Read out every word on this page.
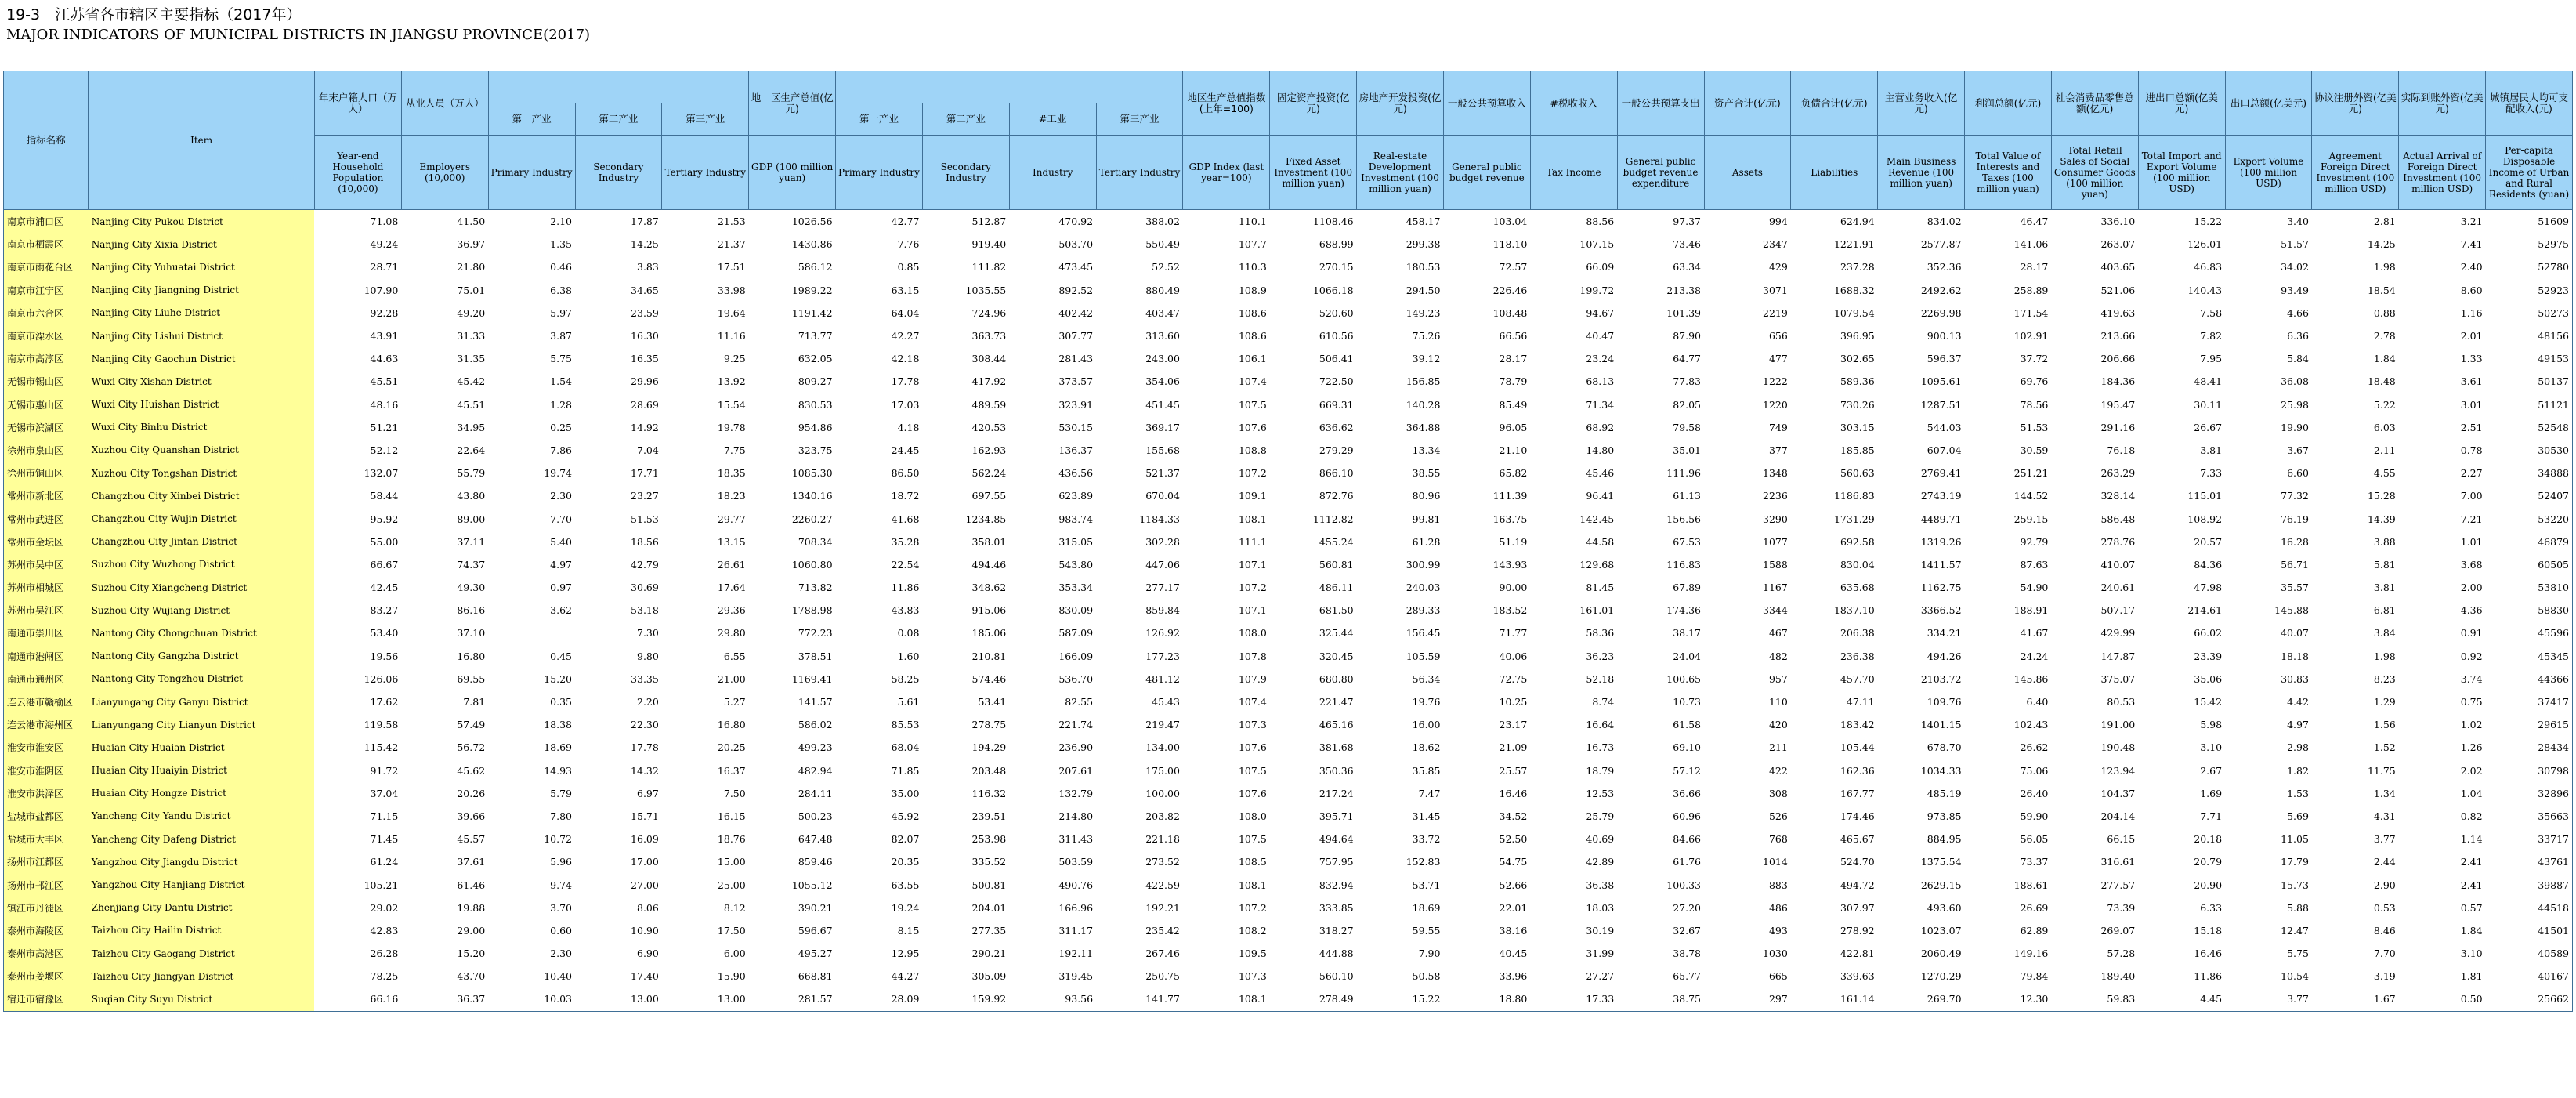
19-3　江苏省各市辖区主要指标（2017年）
MAJOR INDICATORS OF MUNICIPAL DISTRICTS IN JIANGSU PROVINCE(2017)
指标名称	Item	年末户籍人口（万人）	从业人员（万人）				地　区生产总值(亿元)					地区生产总值指数(上年=100)	固定资产投资(亿元)	房地产开发投资(亿元)	一般公共预算收入	#税收收入	一般公共预算支出	资产合计(亿元)	负债合计(亿元)	主营业务收入(亿元)	利润总额(亿元)	社会消费品零售总额(亿元)	进出口总额(亿美元)	出口总额(亿美元)	协议注册外资(亿美元)	实际到账外资(亿美元)	城镇居民人均可支配收入(元)

				第一产业	第二产业	第三产业		第一产业	第二产业	#工业	第三产业																

		Year-end Household Population (10,000)	Employers (10,000)	Primary Industry	Secondary Industry	Tertiary Industry	GDP (100 million yuan)	Primary Industry	Secondary Industry	Industry	Tertiary Industry	GDP Index (last year=100)	Fixed Asset Investment (100 million yuan)	Real-estate Development Investment (100 million yuan)	General public budget revenue	Tax Income	General public budget revenue expenditure	Assets	Liabilities	Main Business Revenue (100 million yuan)	Total Value of Interests and Taxes (100 million yuan)	Total Retail Sales of Social Consumer Goods (100 million yuan)	Total Import and Export Volume (100 million USD)	Export Volume (100 million USD)	Agreement Foreign Direct Investment (100 million USD)	Actual Arrival of Foreign Direct Investment (100 million USD)	Per-capita Disposable Income of Urban and Rural Residents (yuan)

南京市浦口区	Nanjing City Pukou District	71.08	41.50	2.10	17.87	21.53	1026.56	42.77	512.87	470.92	388.02	110.1	1108.46	458.17	103.04	88.56	97.37	994	624.94	834.02	46.47	336.10	15.22	3.40	2.81	3.21	51609
南京市栖霞区	Nanjing City Xixia District	49.24	36.97	1.35	14.25	21.37	1430.86	7.76	919.40	503.70	550.49	107.7	688.99	299.38	118.10	107.15	73.46	2347	1221.91	2577.87	141.06	263.07	126.01	51.57	14.25	7.41	52975
南京市雨花台区	Nanjing City Yuhuatai District	28.71	21.80	0.46	3.83	17.51	586.12	0.85	111.82	473.45	52.52	110.3	270.15	180.53	72.57	66.09	63.34	429	237.28	352.36	28.17	403.65	46.83	34.02	1.98	2.40	52780
南京市江宁区	Nanjing City Jiangning District	107.90	75.01	6.38	34.65	33.98	1989.22	63.15	1035.55	892.52	880.49	108.9	1066.18	294.50	226.46	199.72	213.38	3071	1688.32	2492.62	258.89	521.06	140.43	93.49	18.54	8.60	52923
南京市六合区	Nanjing City Liuhe District	92.28	49.20	5.97	23.59	19.64	1191.42	64.04	724.96	402.42	403.47	108.6	520.60	149.23	108.48	94.67	101.39	2219	1079.54	2269.98	171.54	419.63	7.58	4.66	0.88	1.16	50273
南京市溧水区	Nanjing City Lishui District	43.91	31.33	3.87	16.30	11.16	713.77	42.27	363.73	307.77	313.60	108.6	610.56	75.26	66.56	40.47	87.90	656	396.95	900.13	102.91	213.66	7.82	6.36	2.78	2.01	48156
南京市高淳区	Nanjing City Gaochun District	44.63	31.35	5.75	16.35	9.25	632.05	42.18	308.44	281.43	243.00	106.1	506.41	39.12	28.17	23.24	64.77	477	302.65	596.37	37.72	206.66	7.95	5.84	1.84	1.33	49153
无锡市锡山区	Wuxi City Xishan District	45.51	45.42	1.54	29.96	13.92	809.27	17.78	417.92	373.57	354.06	107.4	722.50	156.85	78.79	68.13	77.83	1222	589.36	1095.61	69.76	184.36	48.41	36.08	18.48	3.61	50137
无锡市惠山区	Wuxi City Huishan District	48.16	45.51	1.28	28.69	15.54	830.53	17.03	489.59	323.91	451.45	107.5	669.31	140.28	85.49	71.34	82.05	1220	730.26	1287.51	78.56	195.47	30.11	25.98	5.22	3.01	51121
无锡市滨湖区	Wuxi City Binhu District	51.21	34.95	0.25	14.92	19.78	954.86	4.18	420.53	530.15	369.17	107.6	636.62	364.88	96.05	68.92	79.58	749	303.15	544.03	51.53	291.16	26.67	19.90	6.03	2.51	52548
徐州市泉山区	Xuzhou City Quanshan District	52.12	22.64	7.86	7.04	7.75	323.75	24.45	162.93	136.37	155.68	108.8	279.29	13.34	21.10	14.80	35.01	377	185.85	607.04	30.59	76.18	3.81	3.67	2.11	0.78	30530
徐州市铜山区	Xuzhou City Tongshan District	132.07	55.79	19.74	17.71	18.35	1085.30	86.50	562.24	436.56	521.37	107.2	866.10	38.55	65.82	45.46	111.96	1348	560.63	2769.41	251.21	263.29	7.33	6.60	4.55	2.27	34888
常州市新北区	Changzhou City Xinbei District	58.44	43.80	2.30	23.27	18.23	1340.16	18.72	697.55	623.89	670.04	109.1	872.76	80.96	111.39	96.41	61.13	2236	1186.83	2743.19	144.52	328.14	115.01	77.32	15.28	7.00	52407
常州市武进区	Changzhou City Wujin District	95.92	89.00	7.70	51.53	29.77	2260.27	41.68	1234.85	983.74	1184.33	108.1	1112.82	99.81	163.75	142.45	156.56	3290	1731.29	4489.71	259.15	586.48	108.92	76.19	14.39	7.21	53220
常州市金坛区	Changzhou City Jintan District	55.00	37.11	5.40	18.56	13.15	708.34	35.28	358.01	315.05	302.28	111.1	455.24	61.28	51.19	44.58	67.53	1077	692.58	1319.26	92.79	278.76	20.57	16.28	3.88	1.01	46879
苏州市吴中区	Suzhou City Wuzhong District	66.67	74.37	4.97	42.79	26.61	1060.80	22.54	494.46	543.80	447.06	107.1	560.81	300.99	143.93	129.68	116.83	1588	830.04	1411.57	87.63	410.07	84.36	56.71	5.81	3.68	60505
苏州市相城区	Suzhou City Xiangcheng District	42.45	49.30	0.97	30.69	17.64	713.82	11.86	348.62	353.34	277.17	107.2	486.11	240.03	90.00	81.45	67.89	1167	635.68	1162.75	54.90	240.61	47.98	35.57	3.81	2.00	53810
苏州市吴江区	Suzhou City Wujiang District	83.27	86.16	3.62	53.18	29.36	1788.98	43.83	915.06	830.09	859.84	107.1	681.50	289.33	183.52	161.01	174.36	3344	1837.10	3366.52	188.91	507.17	214.61	145.88	6.81	4.36	58830
南通市崇川区	Nantong City Chongchuan District	53.40	37.10		7.30	29.80	772.23	0.08	185.06	587.09	126.92	108.0	325.44	156.45	71.77	58.36	38.17	467	206.38	334.21	41.67	429.99	66.02	40.07	3.84	0.91	45596
南通市港闸区	Nantong City Gangzha District	19.56	16.80	0.45	9.80	6.55	378.51	1.60	210.81	166.09	177.23	107.8	320.45	105.59	40.06	36.23	24.04	482	236.38	494.26	24.24	147.87	23.39	18.18	1.98	0.92	45345
南通市通州区	Nantong City Tongzhou District	126.06	69.55	15.20	33.35	21.00	1169.41	58.25	574.46	536.70	481.12	107.9	680.80	56.34	72.75	52.18	100.65	957	457.70	2103.72	145.86	375.07	35.06	30.83	8.23	3.74	44366
连云港市赣榆区	Lianyungang City Ganyu District	17.62	7.81	0.35	2.20	5.27	141.57	5.61	53.41	82.55	45.43	107.4	221.47	19.76	10.25	8.74	10.73	110	47.11	109.76	6.40	80.53	15.42	4.42	1.29	0.75	37417
连云港市海州区	Lianyungang City Lianyun District	119.58	57.49	18.38	22.30	16.80	586.02	85.53	278.75	221.74	219.47	107.3	465.16	16.00	23.17	16.64	61.58	420	183.42	1401.15	102.43	191.00	5.98	4.97	1.56	1.02	29615
淮安市淮安区	Huaian City Huaian District	115.42	56.72	18.69	17.78	20.25	499.23	68.04	194.29	236.90	134.00	107.6	381.68	18.62	21.09	16.73	69.10	211	105.44	678.70	26.62	190.48	3.10	2.98	1.52	1.26	28434
淮安市淮阴区	Huaian City Huaiyin District	91.72	45.62	14.93	14.32	16.37	482.94	71.85	203.48	207.61	175.00	107.5	350.36	35.85	25.57	18.79	57.12	422	162.36	1034.33	75.06	123.94	2.67	1.82	11.75	2.02	30798
淮安市洪泽区	Huaian City Hongze District	37.04	20.26	5.79	6.97	7.50	284.11	35.00	116.32	132.79	100.00	107.6	217.24	7.47	16.46	12.53	36.66	308	167.77	485.19	26.40	104.37	1.69	1.53	1.34	1.04	32896
盐城市盐都区	Yancheng City Yandu District	71.15	39.66	7.80	15.71	16.15	500.23	45.92	239.51	214.80	203.82	108.0	395.71	31.45	34.52	25.79	60.96	526	174.46	973.85	59.90	204.14	7.71	5.69	4.31	0.82	35663
盐城市大丰区	Yancheng City Dafeng District	71.45	45.57	10.72	16.09	18.76	647.48	82.07	253.98	311.43	221.18	107.5	494.64	33.72	52.50	40.69	84.66	768	465.67	884.95	56.05	66.15	20.18	11.05	3.77	1.14	33717
扬州市江都区	Yangzhou City Jiangdu District	61.24	37.61	5.96	17.00	15.00	859.46	20.35	335.52	503.59	273.52	108.5	757.95	152.83	54.75	42.89	61.76	1014	524.70	1375.54	73.37	316.61	20.79	17.79	2.44	2.41	43761
扬州市邗江区	Yangzhou City Hanjiang District	105.21	61.46	9.74	27.00	25.00	1055.12	63.55	500.81	490.76	422.59	108.1	832.94	53.71	52.66	36.38	100.33	883	494.72	2629.15	188.61	277.57	20.90	15.73	2.90	2.41	39887
镇江市丹徒区	Zhenjiang City Dantu District	29.02	19.88	3.70	8.06	8.12	390.21	19.24	204.01	166.96	192.21	107.2	333.85	18.69	22.01	18.03	27.20	486	307.97	493.60	26.69	73.39	6.33	5.88	0.53	0.57	44518
泰州市海陵区	Taizhou City Hailin District	42.83	29.00	0.60	10.90	17.50	596.67	8.15	277.35	311.17	235.42	108.2	318.27	59.55	38.16	30.19	32.67	493	278.92	1023.07	62.89	269.07	15.18	12.47	8.46	1.84	41501
泰州市高港区	Taizhou City Gaogang District	26.28	15.20	2.30	6.90	6.00	495.27	12.95	290.21	192.11	267.46	109.5	444.88	7.90	40.45	31.99	38.78	1030	422.81	2060.49	149.16	57.28	16.46	5.75	7.70	3.10	40589
泰州市姜堰区	Taizhou City Jiangyan District	78.25	43.70	10.40	17.40	15.90	668.81	44.27	305.09	319.45	250.75	107.3	560.10	50.58	33.96	27.27	65.77	665	339.63	1270.29	79.84	189.40	11.86	10.54	3.19	1.81	40167
宿迁市宿豫区	Suqian City Suyu District	66.16	36.37	10.03	13.00	13.00	281.57	28.09	159.92	93.56	141.77	108.1	278.49	15.22	18.80	17.33	38.75	297	161.14	269.70	12.30	59.83	4.45	3.77	1.67	0.50	25662
